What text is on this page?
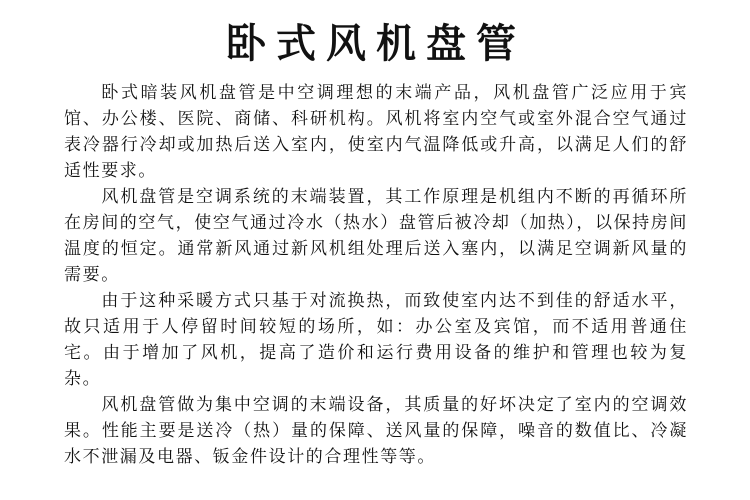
卧式风机盘管

卧式暗装风机盘管是中空调理想的末端产品，风机盘管广泛应用于宾馆、办公楼、医院、商储、科研机构。风机将室内空气或室外混合空气通过表冷器行冷却或加热后送入室内，使室内气温降低或升高，以满足人们的舒适性要求。

风机盘管是空调系统的末端装置，其工作原理是机组内不断的再循环所在房间的空气，使空气通过冷水（热水）盘管后被冷却（加热），以保持房间温度的恒定。通常新风通过新风机组处理后送入塞内，以满足空调新风量的需要。

由于这种采暖方式只基于对流换热，而致使室内达不到佳的舒适水平，故只适用于人停留时间较短的场所，如：办公室及宾馆，而不适用普通住宅。由于增加了风机，提高了造价和运行费用设备的维护和管理也较为复杂。

风机盘管做为集中空调的末端设备，其质量的好坏决定了室内的空调效果。性能主要是送冷（热）量的保障、送风量的保障，噪音的数值比、冷凝水不泄漏及电器、钣金件设计的合理性等等。
